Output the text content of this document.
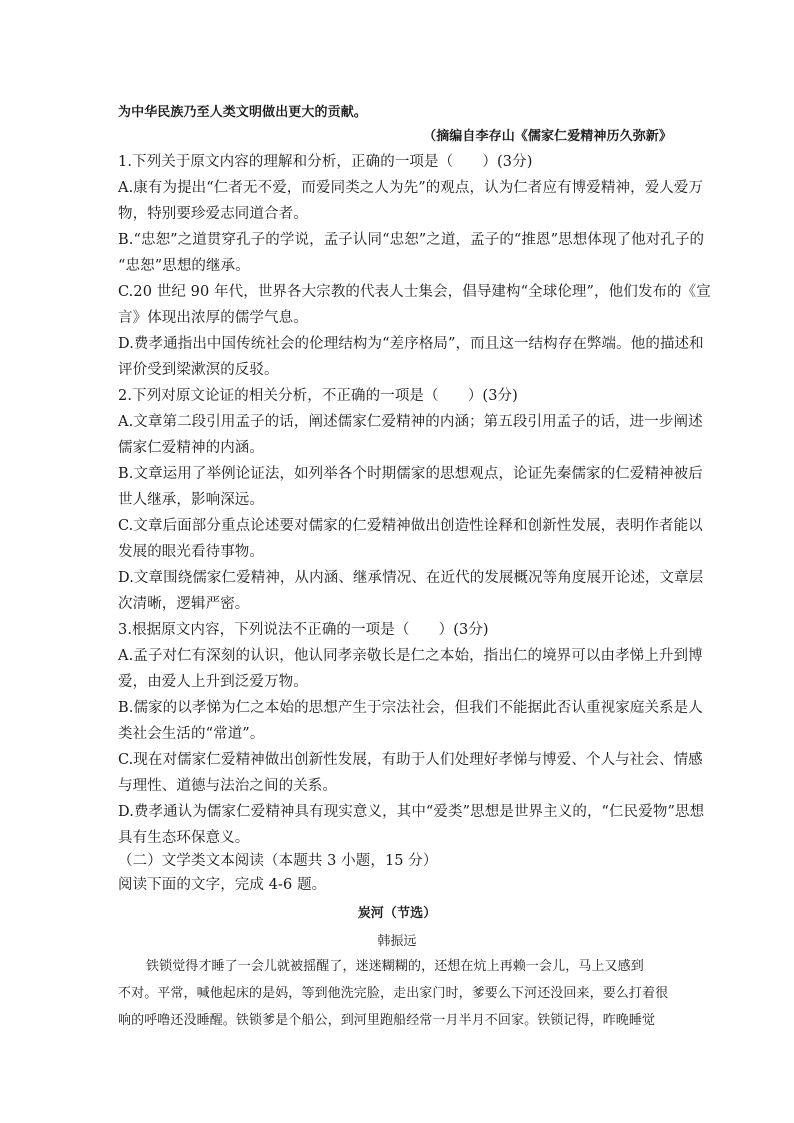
为中华民族乃至人类文明做出更大的贡献。
（摘编自李存山《儒家仁爱精神历久弥新》
1.下列关于原文内容的理解和分析，正确的一项是（　　）(3分)
A.康有为提出“仁者无不爱，而爱同类之人为先”的观点，认为仁者应有博爱精神，爱人爱万
物，特别要珍爱志同道合者。
B.“忠恕”之道贯穿孔子的学说，孟子认同“忠恕”之道，孟子的“推恩”思想体现了他对孔子的
“忠恕”思想的继承。
C.20 世纪 90 年代，世界各大宗教的代表人士集会，倡导建构“全球伦理”，他们发布的《宣
言》体现出浓厚的儒学气息。
D.费孝通指出中国传统社会的伦理结构为“差序格局”，而且这一结构存在弊端。他的描述和
评价受到梁漱溟的反驳。
2.下列对原文论证的相关分析，不正确的一项是（　　）(3分)
A.文章第二段引用孟子的话，阐述儒家仁爱精神的内涵；第五段引用孟子的话，进一步阐述
儒家仁爱精神的内涵。
B.文章运用了举例论证法，如列举各个时期儒家的思想观点，论证先秦儒家的仁爱精神被后
世人继承，影响深远。
C.文章后面部分重点论述要对儒家的仁爱精神做出创造性诠释和创新性发展，表明作者能以
发展的眼光看待事物。
D.文章围绕儒家仁爱精神，从内涵、继承情况、在近代的发展概况等角度展开论述，文章层
次清晰，逻辑严密。
3.根据原文内容，下列说法不正确的一项是（　　）(3分)
A.孟子对仁有深刻的认识，他认同孝亲敬长是仁之本始，指出仁的境界可以由孝悌上升到博
爱，由爱人上升到泛爱万物。
B.儒家的以孝悌为仁之本始的思想产生于宗法社会，但我们不能据此否认重视家庭关系是人
类社会生活的“常道”。
C.现在对儒家仁爱精神做出创新性发展，有助于人们处理好孝悌与博爱、个人与社会、情感
与理性、道德与法治之间的关系。
D.费孝通认为儒家仁爱精神具有现实意义，其中“爱类”思想是世界主义的，“仁民爱物”思想
具有生态环保意义。
（二）文学类文本阅读（本题共 3 小题，15 分）
阅读下面的文字，完成 4-6 题。
炭河（节选）
韩振远
铁锁觉得才睡了一会儿就被摇醒了，迷迷糊糊的，还想在炕上再赖一会儿，马上又感到
不对。平常，喊他起床的是妈，等到他洗完脸，走出家门时，爹要么下河还没回来，要么打着很
响的呼噜还没睡醒。铁锁爹是个船公，到河里跑船经常一月半月不回家。铁锁记得，昨晚睡觉
